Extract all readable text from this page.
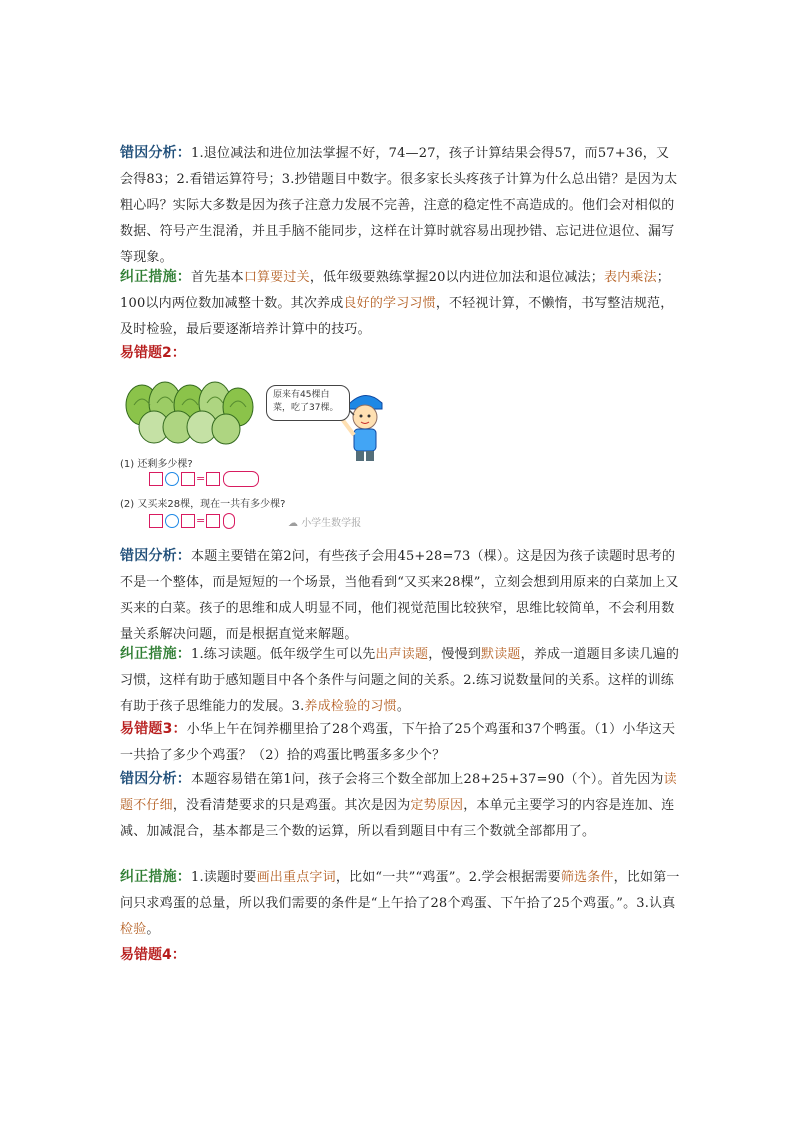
错因分析：1.退位减法和进位加法掌握不好，74—27，孩子计算结果会得57，而57+36，又会得83；2.看错运算符号；3.抄错题目中数字。很多家长头疼孩子计算为什么总出错？是因为太粗心吗？实际大多数是因为孩子注意力发展不完善，注意的稳定性不高造成的。他们会对相似的数据、符号产生混淆，并且手脑不能同步，这样在计算时就容易出现抄错、忘记进位退位、漏写等现象。
纠正措施：首先基本口算要过关，低年级要熟练掌握20以内进位加法和退位减法；表内乘法；100以内两位数加减整十数。其次养成良好的学习习惯，不轻视计算，不懒惰，书写整洁规范，及时检验，最后要逐渐培养计算中的技巧。
易错题2：
原来有45棵白菜，吃了37棵。
(1) 还剩多少棵?
=
(2) 又买来28棵，现在一共有多少棵?
=	☁ 小学生数学报
错因分析：本题主要错在第2问，有些孩子会用45+28=73（棵）。这是因为孩子读题时思考的不是一个整体，而是短短的一个场景，当他看到“又买来28棵”，立刻会想到用原来的白菜加上又买来的白菜。孩子的思维和成人明显不同，他们视觉范围比较狭窄，思维比较简单，不会利用数量关系解决问题，而是根据直觉来解题。
纠正措施：1.练习读题。低年级学生可以先出声读题，慢慢到默读题，养成一道题目多读几遍的习惯，这样有助于感知题目中各个条件与问题之间的关系。2.练习说数量间的关系。这样的训练有助于孩子思维能力的发展。3.养成检验的习惯。
易错题3：小华上午在饲养棚里拾了28个鸡蛋，下午拾了25个鸡蛋和37个鸭蛋。（1）小华这天一共拾了多少个鸡蛋？（2）拾的鸡蛋比鸭蛋多多少个？
错因分析：本题容易错在第1问，孩子会将三个数全部加上28+25+37=90（个）。首先因为读题不仔细，没看清楚要求的只是鸡蛋。其次是因为定势原因，本单元主要学习的内容是连加、连减、加减混合，基本都是三个数的运算，所以看到题目中有三个数就全部都用了。
纠正措施：1.读题时要画出重点字词，比如“一共”“鸡蛋”。2.学会根据需要筛选条件，比如第一问只求鸡蛋的总量，所以我们需要的条件是“上午拾了28个鸡蛋、下午拾了25个鸡蛋。”。3.认真检验。
易错题4：
